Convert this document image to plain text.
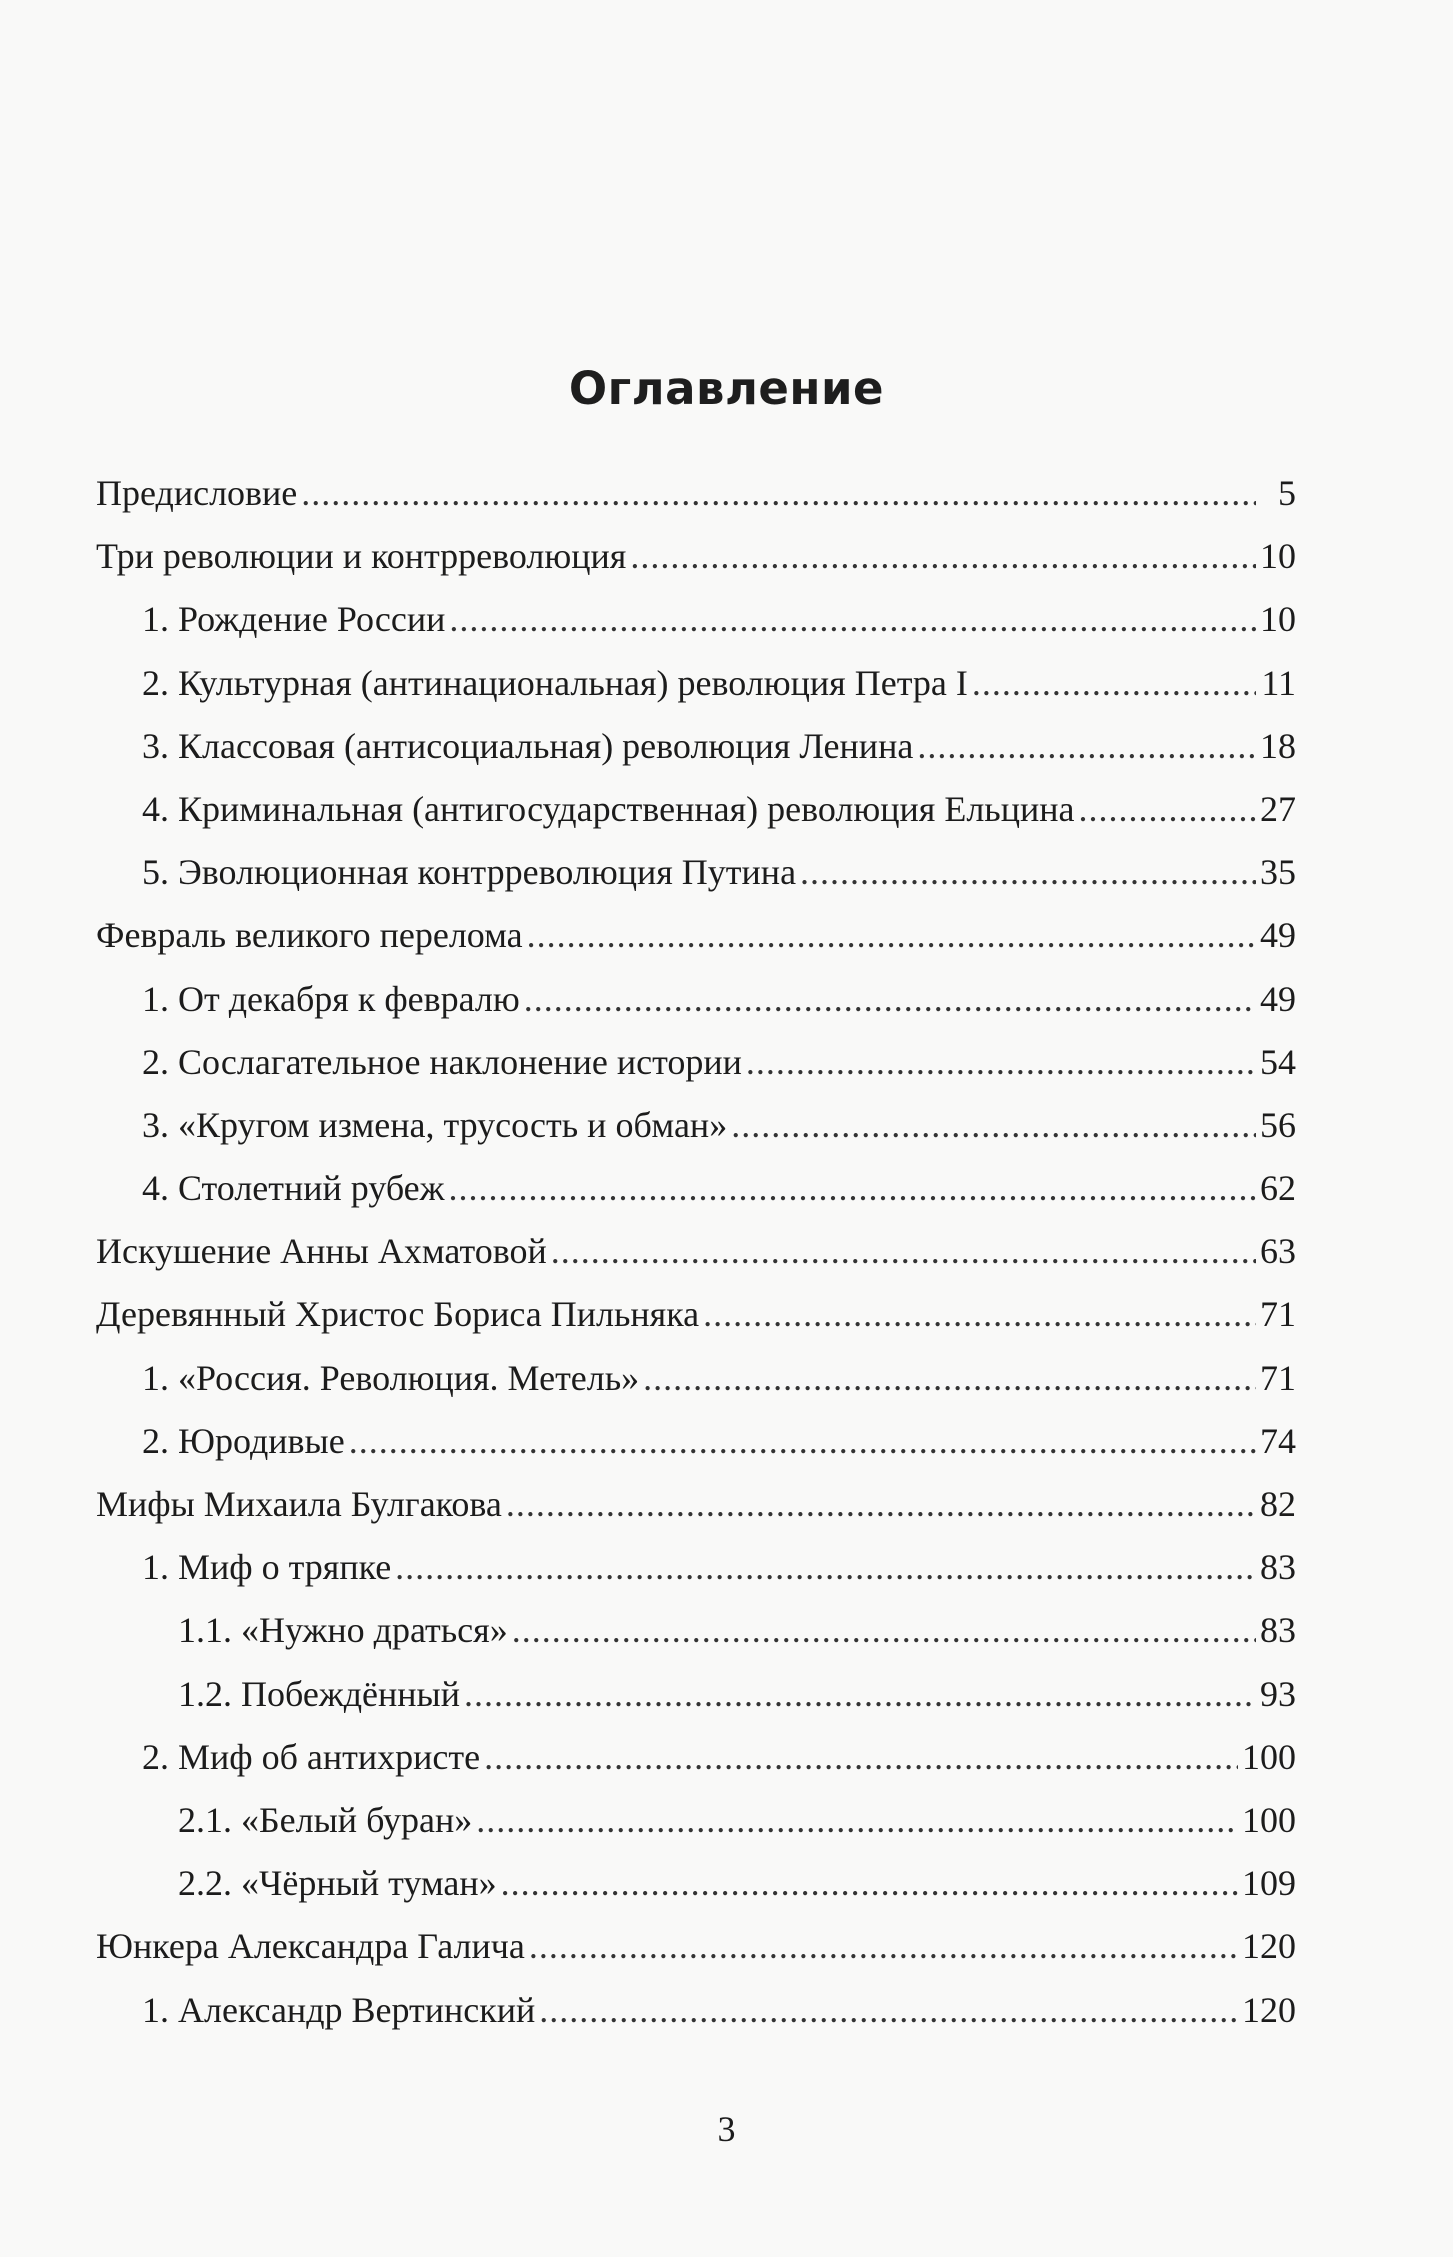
Оглавление
Предисловие .....	5
Три революции и контрреволюция .....	10
1. Рождение России .....	10
2. Культурная (антинациональная) революция Петра I .....	11
3. Классовая (антисоциальная) революция Ленина .....	18
4. Криминальная (антигосударственная) революция Ельцина .....	27
5. Эволюционная контрреволюция Путина .....	35
Февраль великого перелома .....	49
1. От декабря к февралю .....	49
2. Сослагательное наклонение истории .....	54
3. «Кругом измена, трусость и обман» .....	56
4. Столетний рубеж .....	62
Искушение Анны Ахматовой .....	63
Деревянный Христос Бориса Пильняка .....	71
1. «Россия. Революция. Метель» .....	71
2. Юродивые .....	74
Мифы Михаила Булгакова .....	82
1. Миф о тряпке .....	83
1.1. «Нужно драться» .....	83
1.2. Побеждённый .....	93
2. Миф об антихристе .....	100
2.1. «Белый буран» .....	100
2.2. «Чёрный туман» .....	109
Юнкера Александра Галича .....	120
1. Александр Вертинский .....	120
3
